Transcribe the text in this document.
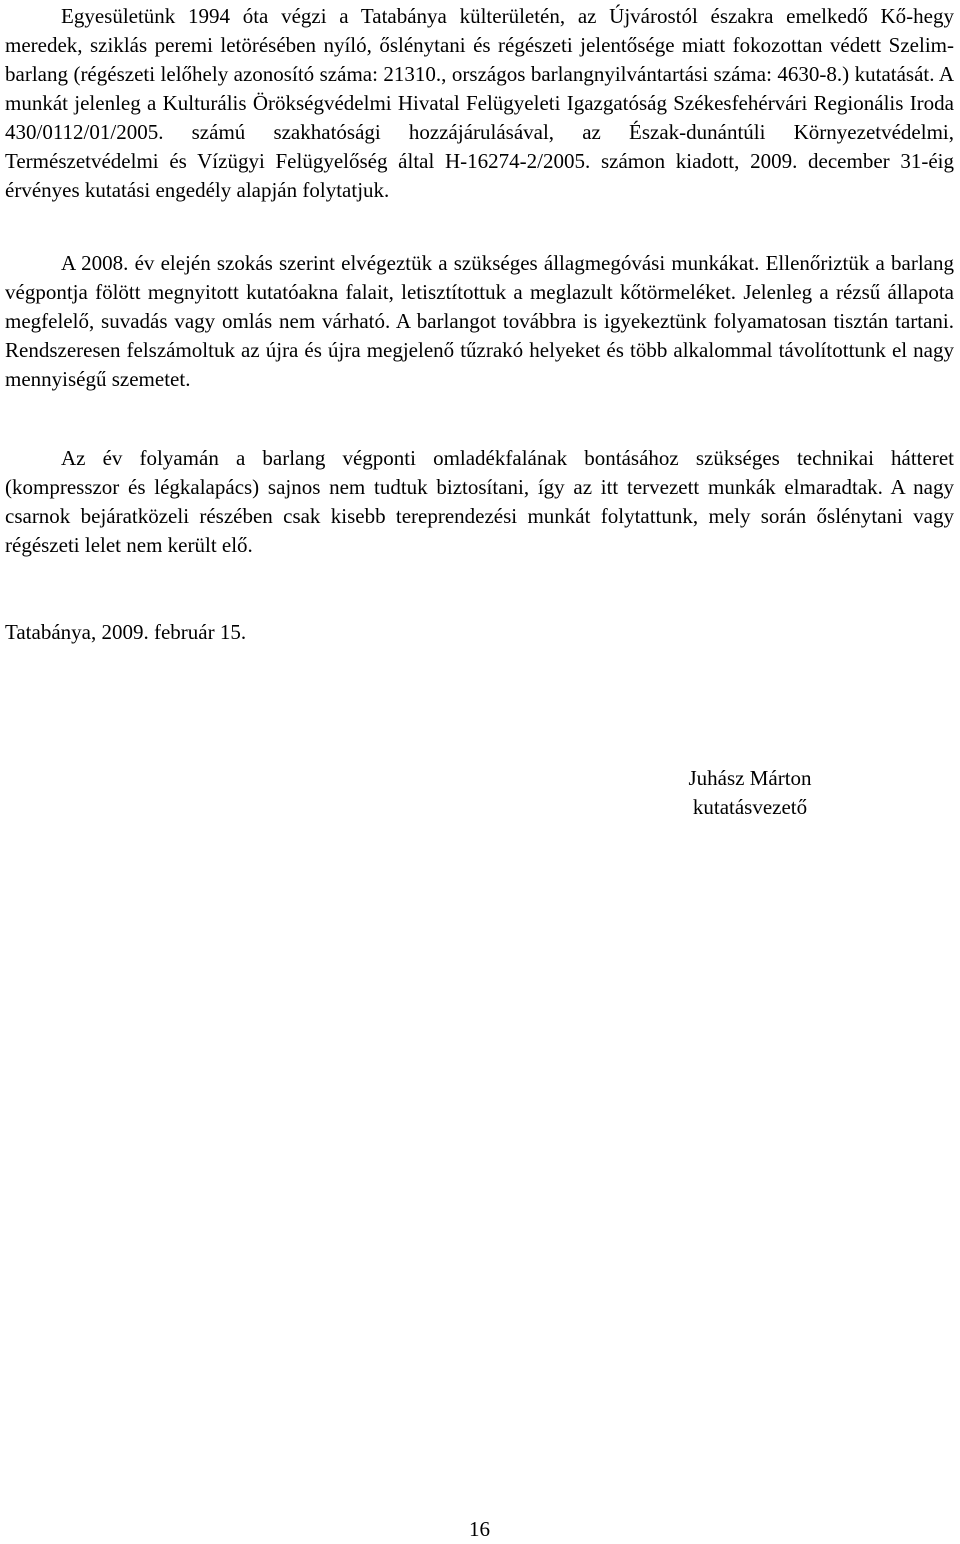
Egyesületünk 1994 óta végzi a Tatabánya külterületén, az Újvárostól északra emelkedő Kő-hegy meredek, sziklás peremi letörésében nyíló, őslénytani és régészeti jelentősége miatt fokozottan védett Szelim-barlang (régészeti lelőhely azonosító száma: 21310., országos barlangnyilvántartási száma: 4630-8.) kutatását. A munkát jelenleg a Kulturális Örökségvédelmi Hivatal Felügyeleti Igazgatóság Székesfehérvári Regionális Iroda 430/0112/01/2005. számú szakhatósági hozzájárulásával, az Észak-dunántúli Környezetvédelmi, Természetvédelmi és Vízügyi Felügyelőség által H-16274-2/2005. számon kiadott, 2009. december 31-éig érvényes kutatási engedély alapján folytatjuk.

A 2008. év elején szokás szerint elvégeztük a szükséges állagmegóvási munkákat. Ellenőriztük a barlang végpontja fölött megnyitott kutatóakna falait, letisztítottuk a meglazult kőtörmeléket. Jelenleg a rézsű állapota megfelelő, suvadás vagy omlás nem várható. A barlangot továbbra is igyekeztünk folyamatosan tisztán tartani. Rendszeresen felszámoltuk az újra és újra megjelenő tűzrakó helyeket és több alkalommal távolítottunk el nagy mennyiségű szemetet.

Az év folyamán a barlang végponti omladékfalának bontásához szükséges technikai hátteret (kompresszor és légkalapács) sajnos nem tudtuk biztosítani, így az itt tervezett munkák elmaradtak. A nagy csarnok bejáratközeli részében csak kisebb tereprendezési munkát folytattunk, mely során őslénytani vagy régészeti lelet nem került elő.

Tatabánya, 2009. február 15.

Juhász Márton
kutatásvezető
16
